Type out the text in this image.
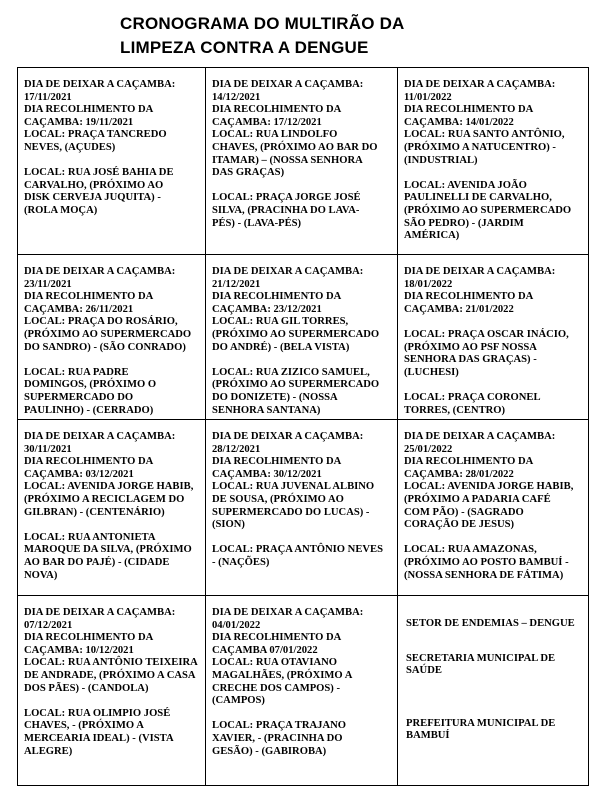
CRONOGRAMA DO MULTIRÃO DA
LIMPEZA CONTRA A DENGUE
DIA DE DEIXAR A CAÇAMBA:
17/11/2021
DIA RECOLHIMENTO DA
CAÇAMBA: 19/11/2021
LOCAL: PRAÇA TANCREDO
NEVES, (AÇUDES)
LOCAL: RUA JOSÉ BAHIA DE
CARVALHO, (PRÓXIMO AO
DISK CERVEJA JUQUITA) -
(ROLA MOÇA)
DIA DE DEIXAR A CAÇAMBA:
14/12/2021
DIA RECOLHIMENTO DA
CAÇAMBA: 17/12/2021
LOCAL: RUA LINDOLFO
CHAVES, (PRÓXIMO AO BAR DO
ITAMAR) – (NOSSA SENHORA
DAS GRAÇAS)
LOCAL: PRAÇA JORGE JOSÉ
SILVA, (PRACINHA DO LAVA-
PÉS) - (LAVA-PÉS)
DIA DE DEIXAR A CAÇAMBA:
11/01/2022
DIA RECOLHIMENTO DA
CAÇAMBA: 14/01/2022
LOCAL: RUA SANTO ANTÔNIO,
(PRÓXIMO A NATUCENTRO) -
(INDUSTRIAL)
LOCAL: AVENIDA JOÃO
PAULINELLI DE CARVALHO,
(PRÓXIMO AO SUPERMERCADO
SÃO PEDRO) - (JARDIM
AMÉRICA)
DIA DE DEIXAR A CAÇAMBA:
23/11/2021
DIA RECOLHIMENTO DA
CAÇAMBA: 26/11/2021
LOCAL: PRAÇA DO ROSÁRIO,
(PRÓXIMO AO SUPERMERCADO
DO SANDRO) - (SÃO CONRADO)
LOCAL: RUA PADRE
DOMINGOS, (PRÓXIMO O
SUPERMERCADO DO
PAULINHO) - (CERRADO)
DIA DE DEIXAR A CAÇAMBA:
21/12/2021
DIA RECOLHIMENTO DA
CAÇAMBA: 23/12/2021
LOCAL: RUA GIL TORRES,
(PRÓXIMO AO SUPERMERCADO
DO ANDRÉ) - (BELA VISTA)
LOCAL: RUA ZIZICO SAMUEL,
(PRÓXIMO AO SUPERMERCADO
DO DONIZETE) - (NOSSA
SENHORA SANTANA)
DIA DE DEIXAR A CAÇAMBA:
18/01/2022
DIA RECOLHIMENTO DA
CAÇAMBA: 21/01/2022
LOCAL: PRAÇA OSCAR INÁCIO,
(PRÓXIMO AO PSF NOSSA
SENHORA DAS GRAÇAS) -
(LUCHESI)
LOCAL: PRAÇA CORONEL
TORRES, (CENTRO)
DIA DE DEIXAR A CAÇAMBA:
30/11/2021
DIA RECOLHIMENTO DA
CAÇAMBA: 03/12/2021
LOCAL: AVENIDA JORGE HABIB,
(PRÓXIMO A RECICLAGEM DO
GILBRAN) - (CENTENÁRIO)
LOCAL: RUA ANTONIETA
MAROQUE DA SILVA, (PRÓXIMO
AO BAR DO PAJÉ) - (CIDADE
NOVA)
DIA DE DEIXAR A CAÇAMBA:
28/12/2021
DIA RECOLHIMENTO DA
CAÇAMBA: 30/12/2021
LOCAL: RUA JUVENAL ALBINO
DE SOUSA, (PRÓXIMO AO
SUPERMERCADO DO LUCAS) -
(SION)
LOCAL: PRAÇA ANTÔNIO NEVES
- (NAÇÕES)
DIA DE DEIXAR A CAÇAMBA:
25/01/2022
DIA RECOLHIMENTO DA
CAÇAMBA: 28/01/2022
LOCAL: AVENIDA JORGE HABIB,
(PRÓXIMO A PADARIA CAFÉ
COM PÃO) - (SAGRADO
CORAÇÃO DE JESUS)
LOCAL: RUA AMAZONAS,
(PRÓXIMO AO POSTO BAMBUÍ -
(NOSSA SENHORA DE FÁTIMA)
DIA DE DEIXAR A CAÇAMBA:
07/12/2021
DIA RECOLHIMENTO DA
CAÇAMBA: 10/12/2021
LOCAL: RUA ANTÔNIO TEIXEIRA
DE ANDRADE, (PRÓXIMO A CASA
DOS PÃES) - (CANDOLA)
LOCAL: RUA OLIMPIO JOSÉ
CHAVES, - (PRÓXIMO A
MERCEARIA IDEAL) - (VISTA
ALEGRE)
DIA DE DEIXAR A CAÇAMBA:
04/01/2022
DIA RECOLHIMENTO DA
CAÇAMBA 07/01/2022
LOCAL: RUA OTAVIANO
MAGALHÃES, (PRÓXIMO A
CRECHE DOS CAMPOS) -
(CAMPOS)
LOCAL: PRAÇA TRAJANO
XAVIER, - (PRACINHA DO
GESÃO) - (GABIROBA)
SETOR DE ENDEMIAS – DENGUE
SECRETARIA MUNICIPAL DE
SAÚDE
PREFEITURA MUNICIPAL DE
BAMBUÍ
